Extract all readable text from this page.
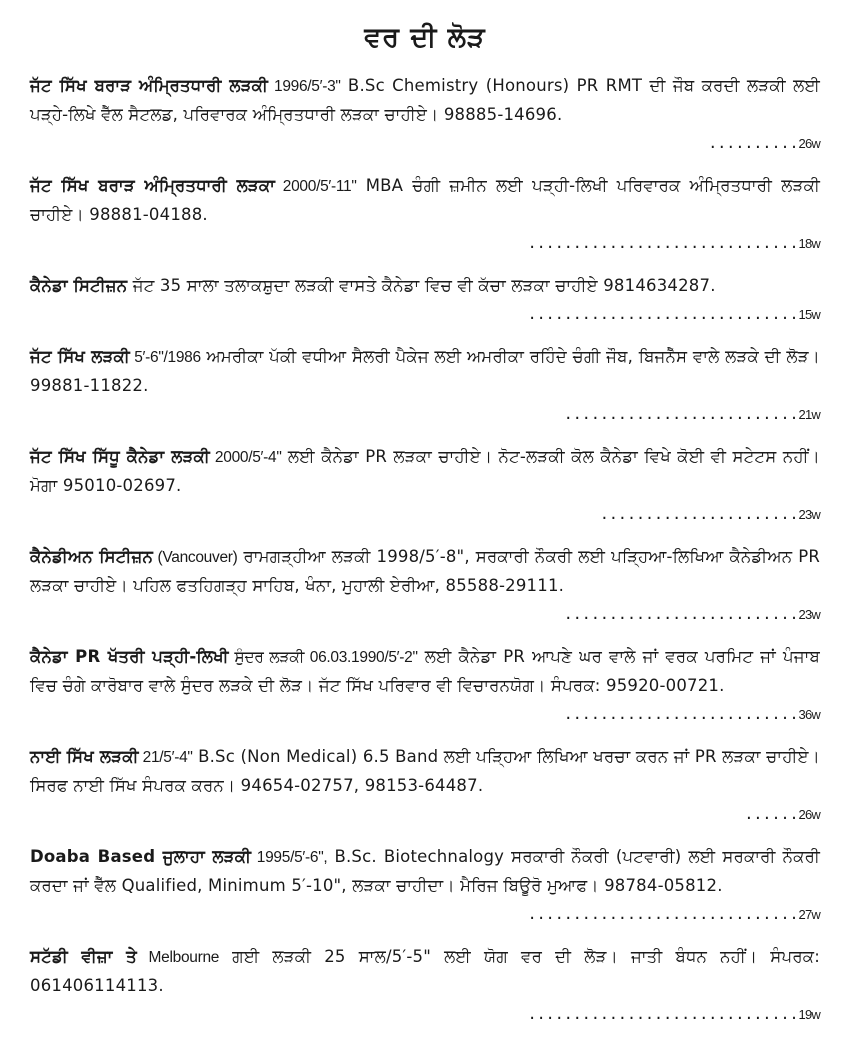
ਵਰ ਦੀ ਲੋੜ
ਜੱਟ ਸਿੱਖ ਬਰਾੜ ਅੰਮ੍ਰਿਤਧਾਰੀ ਲੜਕੀ 1996/5′-3" B.Sc Chemistry (Honours) PR RMT ਦੀ ਜੌਬ ਕਰਦੀ ਲੜਕੀ ਲਈ ਪੜ੍ਹੇ-ਲਿਖੇ ਵੈੱਲ ਸੈਟਲਡ, ਪਰਿਵਾਰਕ ਅੰਮ੍ਰਿਤਧਾਰੀ ਲੜਕਾ ਚਾਹੀਏ। 98885-14696.
..........26w
ਜੱਟ ਸਿੱਖ ਬਰਾੜ ਅੰਮ੍ਰਿਤਧਾਰੀ ਲੜਕਾ 2000/5′-11" MBA ਚੰਗੀ ਜ਼ਮੀਨ ਲਈ ਪੜ੍ਹੀ-ਲਿਖੀ ਪਰਿਵਾਰਕ ਅੰਮ੍ਰਿਤਧਾਰੀ ਲੜਕੀ ਚਾਹੀਏ। 98881-04188.
..............................18w
ਕੈਨੇਡਾ ਸਿਟੀਜ਼ਨ ਜੱਟ 35 ਸਾਲਾ ਤਲਾਕਸ਼ੁਦਾ ਲੜਕੀ ਵਾਸਤੇ ਕੈਨੇਡਾ ਵਿਚ ਵੀ ਕੱਚਾ ਲੜਕਾ ਚਾਹੀਏ 9814634287.
..............................15w
ਜੱਟ ਸਿੱਖ ਲੜਕੀ 5′-6"/1986 ਅਮਰੀਕਾ ਪੱਕੀ ਵਧੀਆ ਸੈਲਰੀ ਪੈਕੇਜ ਲਈ ਅਮਰੀਕਾ ਰਹਿੰਦੇ ਚੰਗੀ ਜੌਬ, ਬਿਜਨੈੱਸ ਵਾਲੇ ਲੜਕੇ ਦੀ ਲੋੜ। 99881-11822.
..........................21w
ਜੱਟ ਸਿੱਖ ਸਿੱਧੂ ਕੈਨੇਡਾ ਲੜਕੀ 2000/5′-4" ਲਈ ਕੈਨੇਡਾ PR ਲੜਕਾ ਚਾਹੀਏ। ਨੋਟ-ਲੜਕੀ ਕੋਲ ਕੈਨੇਡਾ ਵਿਖੇ ਕੋਈ ਵੀ ਸਟੇਟਸ ਨਹੀਂ। ਮੋਗਾ 95010-02697.
......................23w
ਕੈਨੇਡੀਅਨ ਸਿਟੀਜ਼ਨ (Vancouver) ਰਾਮਗੜ੍ਹੀਆ ਲੜਕੀ 1998/5′-8", ਸਰਕਾਰੀ ਨੌਕਰੀ ਲਈ ਪੜ੍ਹਿਆ-ਲਿਖਿਆ ਕੈਨੇਡੀਅਨ PR ਲੜਕਾ ਚਾਹੀਏ। ਪਹਿਲ ਫਤਹਿਗੜ੍ਹ ਸਾਹਿਬ, ਖੰਨਾ, ਮੁਹਾਲੀ ਏਰੀਆ, 85588-29111.
..........................23w
ਕੈਨੇਡਾ PR ਖੱਤਰੀ ਪੜ੍ਹੀ-ਲਿਖੀ ਸੁੰਦਰ ਲੜਕੀ 06.03.1990/5′-2" ਲਈ ਕੈਨੇਡਾ PR ਆਪਣੇ ਘਰ ਵਾਲੇ ਜਾਂ ਵਰਕ ਪਰਮਿਟ ਜਾਂ ਪੰਜਾਬ ਵਿਚ ਚੰਗੇ ਕਾਰੋਬਾਰ ਵਾਲੇ ਸੁੰਦਰ ਲੜਕੇ ਦੀ ਲੋੜ। ਜੱਟ ਸਿੱਖ ਪਰਿਵਾਰ ਵੀ ਵਿਚਾਰਨਯੋਗ। ਸੰਪਰਕ: 95920-00721.
..........................36w
ਨਾਈ ਸਿੱਖ ਲੜਕੀ 21/5′-4" B.Sc (Non Medical) 6.5 Band ਲਈ ਪੜ੍ਹਿਆ ਲਿਖਿਆ ਖਰਚਾ ਕਰਨ ਜਾਂ PR ਲੜਕਾ ਚਾਹੀਏ। ਸਿਰਫ ਨਾਈ ਸਿੱਖ ਸੰਪਰਕ ਕਰਨ। 94654-02757, 98153-64487.
......26w
Doaba Based ਜੁਲਾਹਾ ਲੜਕੀ 1995/5′-6", B.Sc. Biotechnalogy ਸਰਕਾਰੀ ਨੌਕਰੀ (ਪਟਵਾਰੀ) ਲਈ ਸਰਕਾਰੀ ਨੌਕਰੀ ਕਰਦਾ ਜਾਂ ਵੈੱਲ Qualified, Minimum 5′-10", ਲੜਕਾ ਚਾਹੀਦਾ। ਮੈਰਿਜ ਬਿਊਰੋ ਮੁਆਫ। 98784-05812.
..............................27w
ਸਟੱਡੀ ਵੀਜ਼ਾ ਤੇ Melbourne ਗਈ ਲੜਕੀ 25 ਸਾਲ/5′-5" ਲਈ ਯੋਗ ਵਰ ਦੀ ਲੋੜ। ਜਾਤੀ ਬੰਧਨ ਨਹੀਂ। ਸੰਪਰਕ: 061406114113.
..............................19w
